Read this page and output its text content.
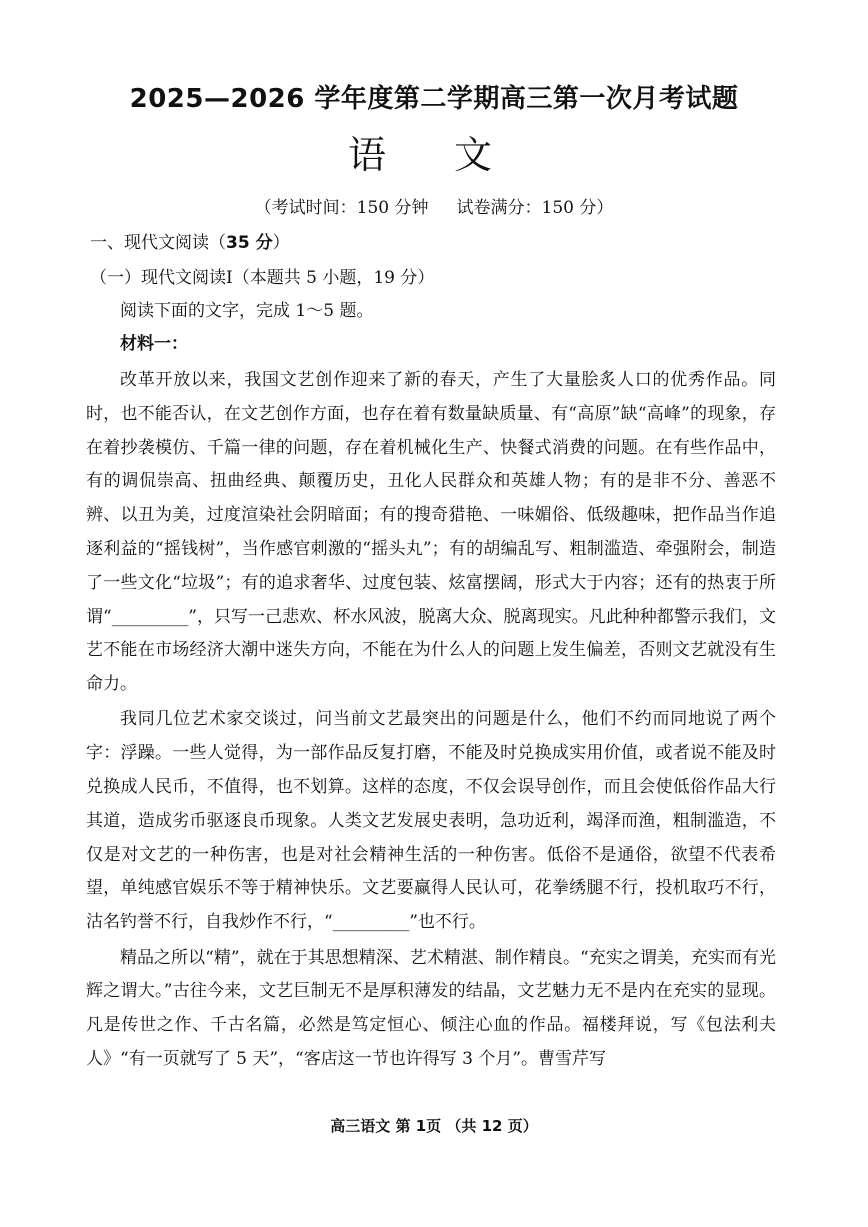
2025—2026 学年度第二学期高三第一次月考试题
语 文
（考试时间：150 分钟 试卷满分：150 分）
一、现代文阅读（35 分）
（一）现代文阅读Ⅰ（本题共 5 小题，19 分）
阅读下面的文字，完成 1～5 题。
材料一：

改革开放以来，我国文艺创作迎来了新的春天，产生了大量脍炙人口的优秀作品。同时，也不能否认，在文艺创作方面，也存在着有数量缺质量、有“高原”缺“高峰”的现象，存在着抄袭模仿、千篇一律的问题，存在着机械化生产、快餐式消费的问题。在有些作品中，有的调侃崇高、扭曲经典、颠覆历史，丑化人民群众和英雄人物；有的是非不分、善恶不辨、以丑为美，过度渲染社会阴暗面；有的搜奇猎艳、一味媚俗、低级趣味，把作品当作追逐利益的“摇钱树”，当作感官刺激的“摇头丸”；有的胡编乱写、粗制滥造、牵强附会，制造了一些文化“垃圾”；有的追求奢华、过度包装、炫富摆阔，形式大于内容；还有的热衷于所谓“_________”，只写一己悲欢、杯水风波，脱离大众、脱离现实。凡此种种都警示我们，文艺不能在市场经济大潮中迷失方向，不能在为什么人的问题上发生偏差，否则文艺就没有生命力。

我同几位艺术家交谈过，问当前文艺最突出的问题是什么，他们不约而同地说了两个字：浮躁。一些人觉得，为一部作品反复打磨，不能及时兑换成实用价值，或者说不能及时兑换成人民币，不值得，也不划算。这样的态度，不仅会误导创作，而且会使低俗作品大行其道，造成劣币驱逐良币现象。人类文艺发展史表明，急功近利，竭泽而渔，粗制滥造，不仅是对文艺的一种伤害，也是对社会精神生活的一种伤害。低俗不是通俗，欲望不代表希望，单纯感官娱乐不等于精神快乐。文艺要赢得人民认可，花拳绣腿不行，投机取巧不行，沽名钓誉不行，自我炒作不行，“_________”也不行。

精品之所以“精”，就在于其思想精深、艺术精湛、制作精良。“充实之谓美，充实而有光辉之谓大。”古往今来，文艺巨制无不是厚积薄发的结晶，文艺魅力无不是内在充实的显现。凡是传世之作、千古名篇，必然是笃定恒心、倾注心血的作品。福楼拜说，写《包法利夫人》“有一页就写了 5 天”，“客店这一节也许得写 3 个月”。曹雪芹写

高三语文 第 1页 （共 12 页）
